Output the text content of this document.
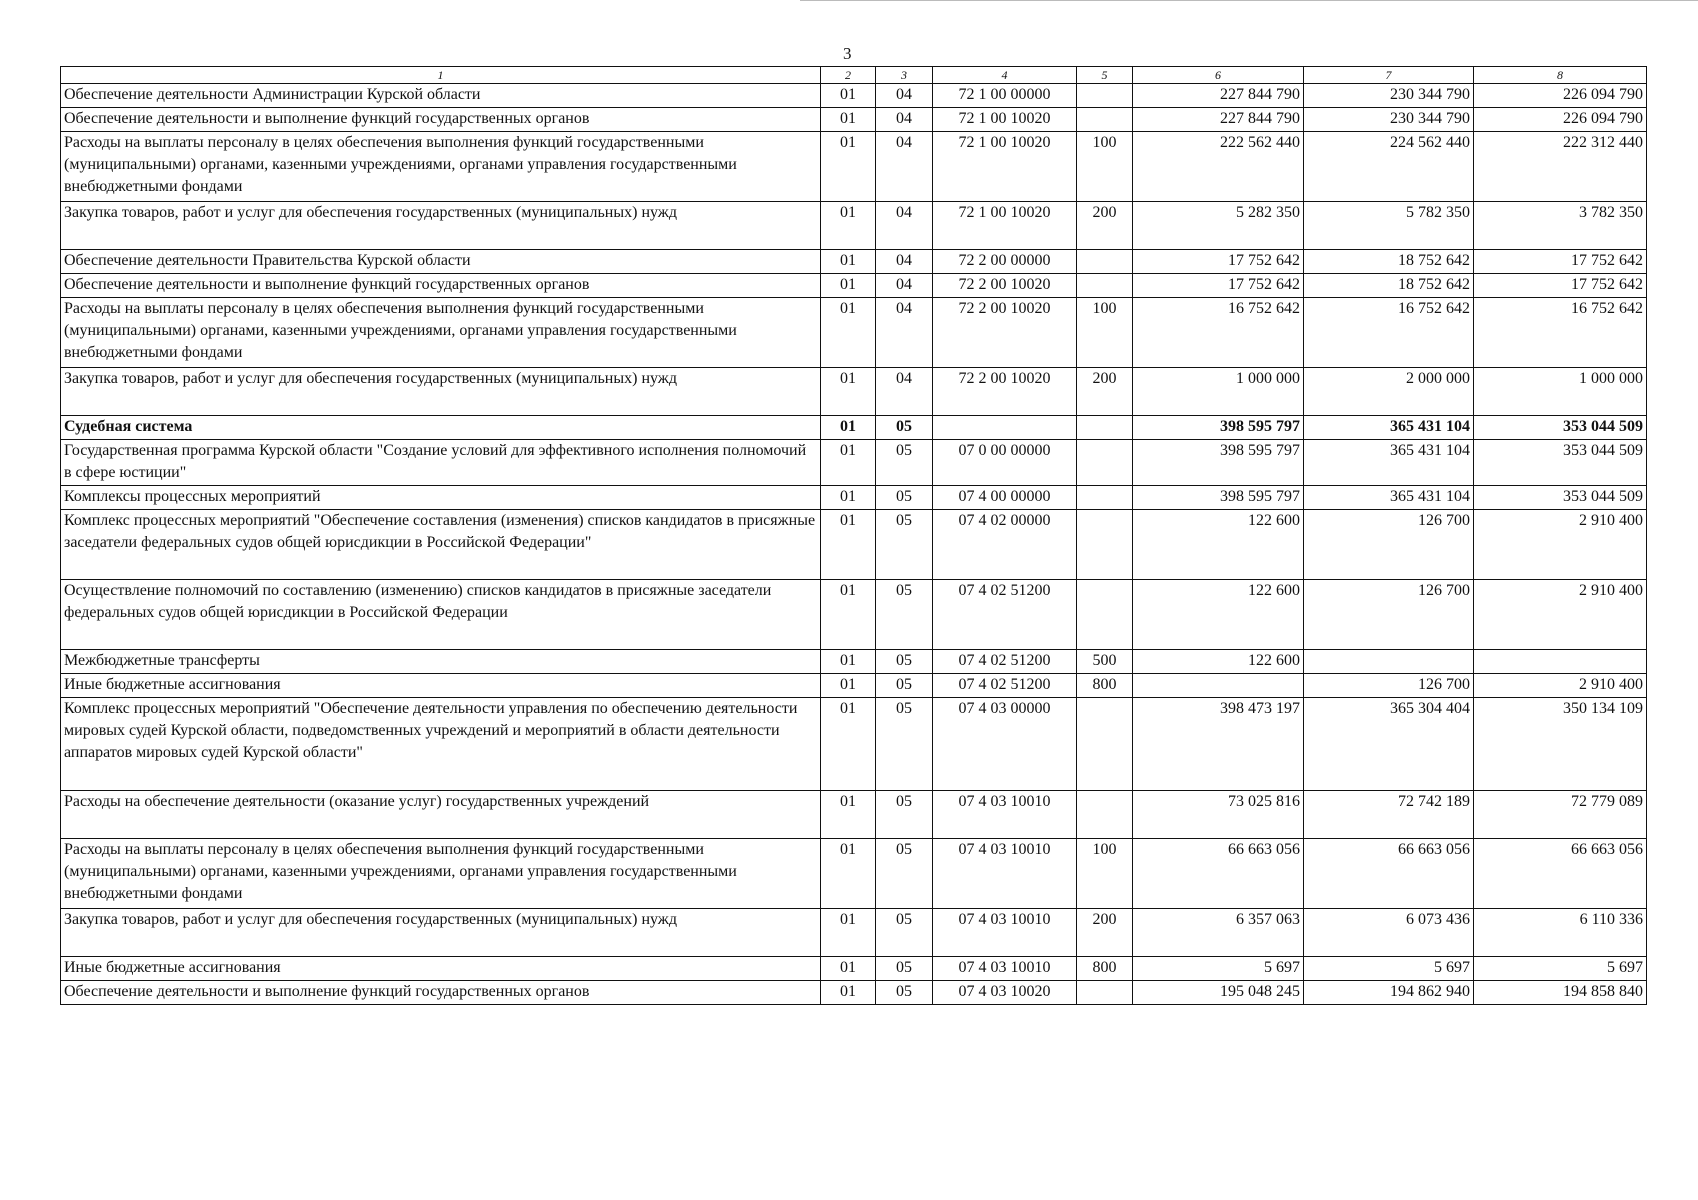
3
1	2	3	4	5	6	7	8
Обеспечение деятельности Администрации Курской области	01	04	72 1 00 00000		227 844 790	230 344 790	226 094 790
Обеспечение деятельности и выполнение функций государственных органов	01	04	72 1 00 10020		227 844 790	230 344 790	226 094 790
Расходы на выплаты персоналу в целях обеспечения выполнения функций государственными (муниципальными) органами, казенными учреждениями, органами управления государственными внебюджетными фондами	01	04	72 1 00 10020	100	222 562 440	224 562 440	222 312 440
Закупка товаров, работ и услуг для обеспечения государственных (муниципальных) нужд	01	04	72 1 00 10020	200	5 282 350	5 782 350	3 782 350
Обеспечение деятельности Правительства Курской области	01	04	72 2 00 00000		17 752 642	18 752 642	17 752 642
Обеспечение деятельности и выполнение функций государственных органов	01	04	72 2 00 10020		17 752 642	18 752 642	17 752 642
Расходы на выплаты персоналу в целях обеспечения выполнения функций государственными (муниципальными) органами, казенными учреждениями, органами управления государственными внебюджетными фондами	01	04	72 2 00 10020	100	16 752 642	16 752 642	16 752 642
Закупка товаров, работ и услуг для обеспечения государственных (муниципальных) нужд	01	04	72 2 00 10020	200	1 000 000	2 000 000	1 000 000
Судебная система	01	05			398 595 797	365 431 104	353 044 509
Государственная программа Курской области "Создание условий для эффективного исполнения полномочий в сфере юстиции"	01	05	07 0 00 00000		398 595 797	365 431 104	353 044 509
Комплексы процессных мероприятий	01	05	07 4 00 00000		398 595 797	365 431 104	353 044 509
Комплекс процессных мероприятий "Обеспечение составления (изменения) списков кандидатов в присяжные заседатели федеральных судов общей юрисдикции в Российской Федерации"	01	05	07 4 02 00000		122 600	126 700	2 910 400
Осуществление полномочий по составлению (изменению) списков кандидатов в присяжные заседатели федеральных судов общей юрисдикции в Российской Федерации	01	05	07 4 02 51200		122 600	126 700	2 910 400
Межбюджетные трансферты	01	05	07 4 02 51200	500	122 600		
Иные бюджетные ассигнования	01	05	07 4 02 51200	800		126 700	2 910 400
Комплекс процессных мероприятий "Обеспечение деятельности управления по обеспечению деятельности мировых судей Курской области, подведомственных учреждений и мероприятий в области деятельности аппаратов мировых судей Курской области"	01	05	07 4 03 00000		398 473 197	365 304 404	350 134 109
Расходы на обеспечение деятельности (оказание услуг) государственных учреждений	01	05	07 4 03 10010		73 025 816	72 742 189	72 779 089
Расходы на выплаты персоналу в целях обеспечения выполнения функций государственными (муниципальными) органами, казенными учреждениями, органами управления государственными внебюджетными фондами	01	05	07 4 03 10010	100	66 663 056	66 663 056	66 663 056
Закупка товаров, работ и услуг для обеспечения государственных (муниципальных) нужд	01	05	07 4 03 10010	200	6 357 063	6 073 436	6 110 336
Иные бюджетные ассигнования	01	05	07 4 03 10010	800	5 697	5 697	5 697
Обеспечение деятельности и выполнение функций государственных органов	01	05	07 4 03 10020		195 048 245	194 862 940	194 858 840
